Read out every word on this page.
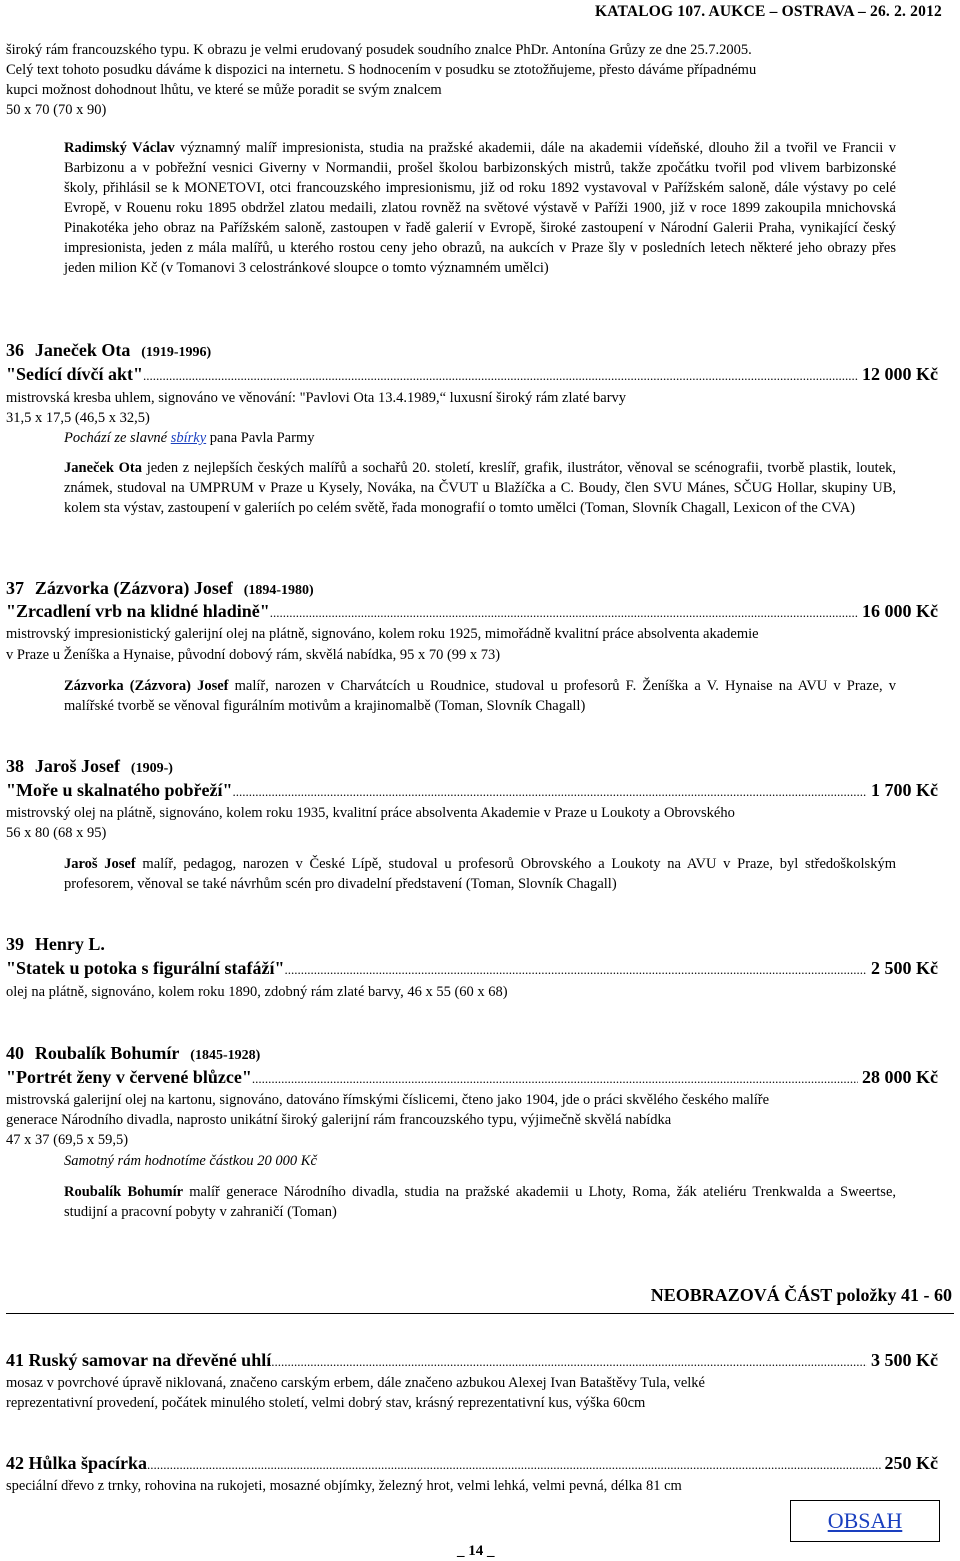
KATALOG 107. AUKCE – OSTRAVA – 26. 2. 2012
široký rám francouzského typu. K obrazu je velmi erudovaný posudek soudního znalce PhDr. Antonína Grůzy ze dne 25.7.2005.
Celý text tohoto posudku dáváme k dispozici na internetu. S hodnocením v posudku se ztotožňujeme, přesto dáváme případnému
kupci možnost dohodnout lhůtu, ve které se může poradit se svým znalcem
50 x 70 (70 x 90)
Radimský Václav významný malíř impresionista, studia na pražské akademii, dále na akademii vídeňské, dlouho žil a tvořil ve Francii v Barbizonu a v pobřežní vesnici Giverny v Normandii, prošel školou barbizonských mistrů, takže zpočátku tvořil pod vlivem barbizonské školy, přihlásil se k MONETOVI, otci francouzského impresionismu, již od roku 1892 vystavoval v Pařížském saloně, dále výstavy po celé Evropě, v Rouenu roku 1895 obdržel zlatou medaili, zlatou rovněž na světové výstavě v Paříži 1900, již v roce 1899 zakoupila mnichovská Pinakotéka jeho obraz na Pařížském saloně, zastoupen v řadě galerií v Evropě, široké zastoupení v Národní Galerii Praha, vynikající český impresionista, jeden z mála malířů, u kterého rostou ceny jeho obrazů, na aukcích v Praze šly v posledních letech některé jeho obrazy přes jeden milion Kč (v Tomanovi 3 celostránkové sloupce o tomto významném umělci)
36 Janeček Ota (1919-1996)
"Sedící dívčí akt" .....	12 000 Kč
mistrovská kresba uhlem, signováno ve věnování: "Pavlovi Ota 13.4.1989,“ luxusní široký rám zlaté barvy
31,5 x 17,5 (46,5 x 32,5)
Pochází ze slavné sbírky pana Pavla Parmy
Janeček Ota jeden z nejlepších českých malířů a sochařů 20. století, kreslíř, grafik, ilustrátor, věnoval se scénografii, tvorbě plastik, loutek, známek, studoval na UMPRUM v Praze u Kysely, Nováka, na ČVUT u Blažíčka a C. Boudy, člen SVU Mánes, SČUG Hollar, skupiny UB, kolem sta výstav, zastoupení v galeriích po celém světě, řada monografií o tomto umělci (Toman, Slovník Chagall, Lexicon of the CVA)
37 Zázvorka (Zázvora) Josef (1894-1980)
"Zrcadlení vrb na klidné hladině" .....	16 000 Kč
mistrovský impresionistický galerijní olej na plátně, signováno, kolem roku 1925, mimořádně kvalitní práce absolventa akademie
v Praze u Ženíška a Hynaise, původní dobový rám, skvělá nabídka, 95 x 70 (99 x 73)
Zázvorka (Zázvora) Josef malíř, narozen v Charvátcích u Roudnice, studoval u profesorů F. Ženíška a V. Hynaise na AVU v Praze, v malířské tvorbě se věnoval figurálním motivům a krajinomalbě (Toman, Slovník Chagall)
38 Jaroš Josef (1909-)
"Moře u skalnatého pobřeží" .....	1 700 Kč
mistrovský olej na plátně, signováno, kolem roku 1935, kvalitní práce absolventa Akademie v Praze u Loukoty a Obrovského
56 x 80 (68 x 95)
Jaroš Josef malíř, pedagog, narozen v České Lípě, studoval u profesorů Obrovského a Loukoty na AVU v Praze, byl středoškolským profesorem, věnoval se také návrhům scén pro divadelní představení (Toman, Slovník Chagall)
39 Henry L.
"Statek u potoka s figurální stafáží" .....	2 500 Kč
olej na plátně, signováno, kolem roku 1890, zdobný rám zlaté barvy, 46 x 55 (60 x 68)
40 Roubalík Bohumír (1845-1928)
"Portrét ženy v červené blůzce" .....	28 000 Kč
mistrovská galerijní olej na kartonu, signováno, datováno římskými číslicemi, čteno jako 1904, jde o práci skvělého českého malíře
generace Národního divadla, naprosto unikátní široký galerijní rám francouzského typu, výjimečně skvělá nabídka
47 x 37 (69,5 x 59,5)
Samotný rám hodnotíme částkou 20 000 Kč
Roubalík Bohumír malíř generace Národního divadla, studia na pražské akademii u Lhoty, Roma, žák ateliéru Trenkwalda a Sweertse, studijní a pracovní pobyty v zahraničí (Toman)
NEOBRAZOVÁ ČÁST položky 41 - 60
41 Ruský samovar na dřevěné uhlí .....	3 500 Kč
mosaz v povrchové úpravě niklovaná, značeno carským erbem, dále značeno azbukou Alexej Ivan Bataštěvy Tula, velké
reprezentativní provedení, počátek minulého století, velmi dobrý stav, krásný reprezentativní kus, výška 60cm
42 Hůlka špacírka .....	250 Kč
speciální dřevo z trnky, rohovina na rukojeti, mosazné objímky, železný hrot, velmi lehká, velmi pevná, délka 81 cm
_ 14 _
OBSAH
